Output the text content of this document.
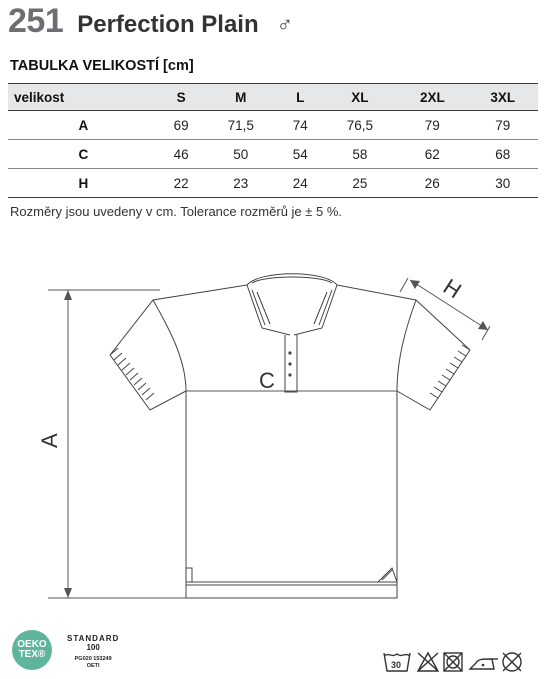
251 Perfection Plain ♂
TABULKA VELIKOSTÍ [cm]
velikost	S	M	L	XL	2XL	3XL
A	69	71,5	74	76,5	79	79
C	46	50	54	58	62	68
H	22	23	24	25	26	30
Rozměry jsou uvedeny v cm. Tolerance rozměrů je ± 5 %.
A
C
H
OEKO
TEX®
STANDARD
100
PG020 153249
OETI	30
